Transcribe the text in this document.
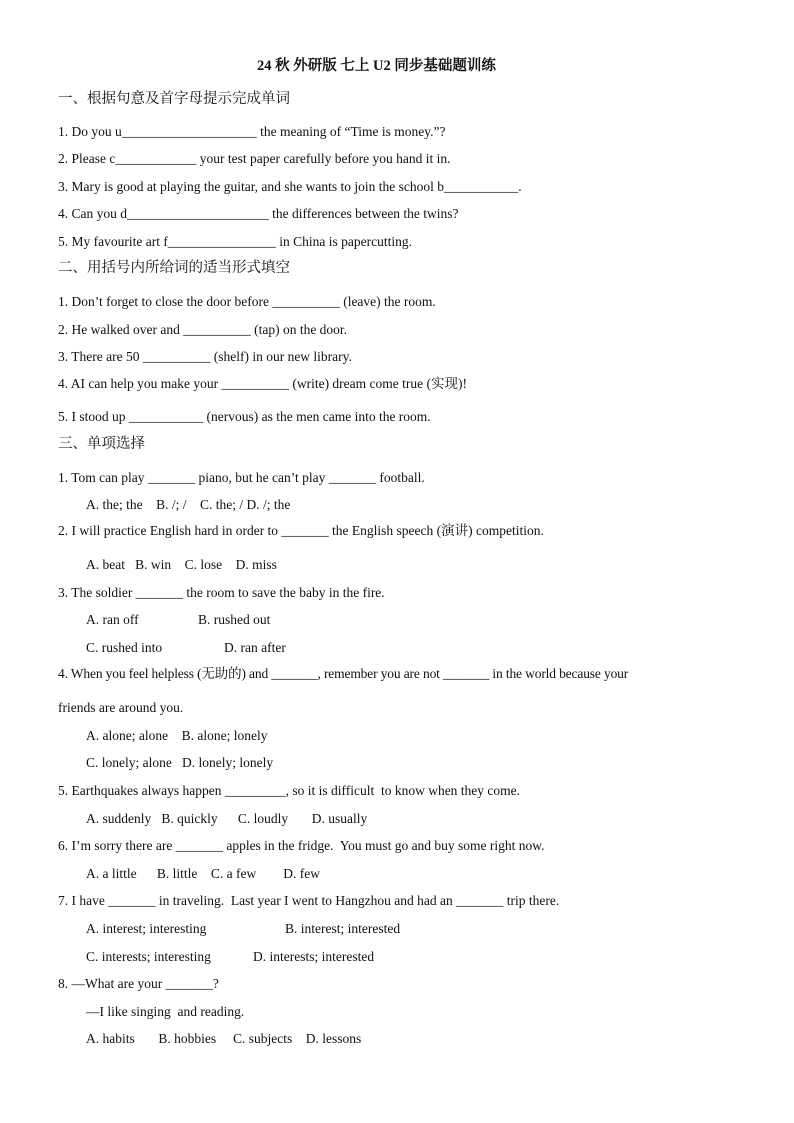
24 秋 外研版 七上 U2 同步基础题训练
一、根据句意及首字母提示完成单词
1. Do you u____________________ the meaning of “Time is money.”?
2. Please c____________ your test paper carefully before you hand it in.
3. Mary is good at playing the guitar, and she wants to join the school b___________.
4. Can you d_____________________ the differences between the twins?
5. My favourite art f________________ in China is papercutting.
二、用括号内所给词的适当形式填空
1. Don’t forget to close the door before __________ (leave) the room.
2. He walked over and __________ (tap) on the door.
3. There are 50 __________ (shelf) in our new library.
4. AI can help you make your __________ (write) dream come true (实现)!
5. I stood up ___________ (nervous) as the men came into the room.
三、单项选择
1. Tom can play _______ piano, but he can’t play _______ football.
A. the; the    B. /; /    C. the; / D. /; the
2. I will practice English hard in order to _______ the English speech (演讲) competition.
A. beat   B. win    C. lose    D. miss
3. The soldier _______ the room to save the baby in the fire.
A. ran off	B. rushed out
C. rushed into	D. ran after
4. When you feel helpless (无助的) and _______, remember you are not _______ in the world because your
friends are around you.
A. alone; alone    B. alone; lonely
C. lonely; alone   D. lonely; lonely
5. Earthquakes always happen _________, so it is difficult  to know when they come.
A. suddenly   B. quickly      C. loudly       D. usually
6. I’m sorry there are _______ apples in the fridge.  You must go and buy some right now.
A. a little      B. little    C. a few        D. few
7. I have _______ in traveling.  Last year I went to Hangzhou and had an _______ trip there.
A. interest; interesting	B. interest; interested
C. interests; interesting	D. interests; interested
8. —What are your _______?
—I like singing  and reading.
A. habits       B. hobbies     C. subjects    D. lessons
